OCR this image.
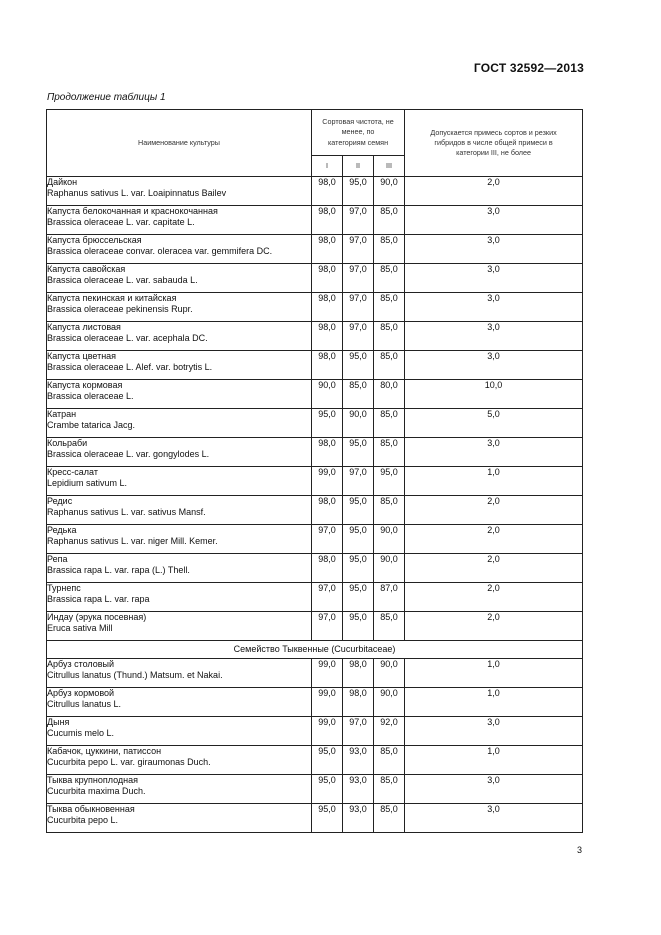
ГОСТ 32592—2013
Продолжение таблицы 1
Наименование культуры	Сортовая чистота, не менее, по категориям семян			Допускается примесь сортов и резких гибридов в числе общей примеси в категории III, не более
	I	II	III	

Дайкон
Raphanus sativus L. var. Loaipinnatus Bailev	98,0	95,0	90,0	2,0

Капуста белокочанная и краснокочанная
Brassica oleraceae L. var. capitate L.	98,0	97,0	85,0	3,0

Капуста брюссельская
Brassica oleraceae convar. oleracea var. gemmifera DC.	98,0	97,0	85,0	3,0

Капуста савойская
Brassica oleraceae L. var. sabauda L.	98,0	97,0	85,0	3,0

Капуста пекинская и китайская
Brassica oleraceae pekinensis Rupr.	98,0	97,0	85,0	3,0

Капуста листовая
Brassica oleraceae L. var. acephala DC.	98,0	97,0	85,0	3,0

Капуста цветная
Brassica oleraceae L. Alef. var. botrytis L.	98,0	95,0	85,0	3,0

Капуста кормовая
Brassica oleraceae L.	90,0	85,0	80,0	10,0

Катран
Crambe tatarica Jacg.	95,0	90,0	85,0	5,0

Кольраби
Brassica oleraceae L. var. gongylodes L.	98,0	95,0	85,0	3,0

Кресс-салат
Lepidium sativum L.	99,0	97,0	95,0	1,0

Редис
Raphanus sativus L. var. sativus Mansf.	98,0	95,0	85,0	2,0

Редька
Raphanus sativus L. var. niger Mill. Kemer.	97,0	95,0	90,0	2,0

Репа
Brassica rapa L. var. rapa (L.) Thell.	98,0	95,0	90,0	2,0

Турнепс
Brassica rapa L. var. rapa	97,0	95,0	87,0	2,0

Индау (эрука посевная)
Eruca sativa Mill	97,0	95,0	85,0	2,0
Семейство Тыквенные (Cucurbitaceae)				

Арбуз столовый
Citrullus lanatus (Thund.) Matsum. et Nakai.	99,0	98,0	90,0	1,0

Арбуз кормовой
Citrullus lanatus L.	99,0	98,0	90,0	1,0

Дыня
Cucumis melo L.	99,0	97,0	92,0	3,0

Кабачок, цуккини, патиссон
Cucurbita pepo L. var. giraumonas Duch.	95,0	93,0	85,0	1,0

Тыква крупноплодная
Cucurbita maxima Duch.	95,0	93,0	85,0	3,0

Тыква обыкновенная
Cucurbita pepo L.	95,0	93,0	85,0	3,0
3
